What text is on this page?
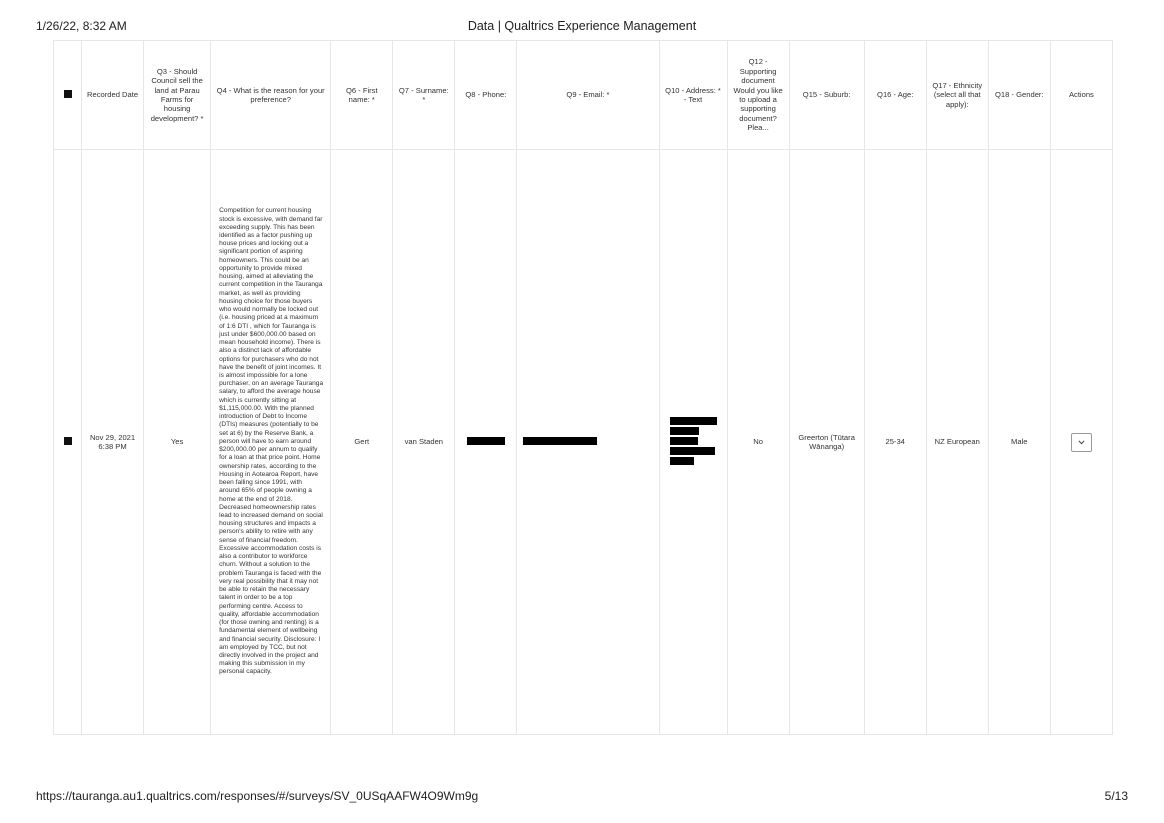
1/26/22, 8:32 AM	Data | Qualtrics Experience Management
	Recorded Date	Q3 - Should Council sell the land at Parau Farms for housing development? *	Q4 - What is the reason for your preference?	Q6 - First name: *	Q7 - Surname: *	Q8 - Phone:	Q9 - Email: *	Q10 - Address: * - Text	Q12 - Supporting document Would you like to upload a supporting document? Plea...	Q15 - Suburb:	Q16 - Age:	Q17 - Ethnicity (select all that apply):	Q18 - Gender:	Actions
	Nov 29, 2021 6:38 PM	Yes	Competition for current housing stock is excessive, with demand far exceeding supply. This has been identified as a factor pushing up house prices and locking out a significant portion of aspiring homeowners. This could be an opportunity to provide mixed housing, aimed at alleviating the current competition in the Tauranga market, as well as providing housing choice for those buyers who would normally be locked out (i.e. housing priced at a maximum of 1:6 DTI , which for Tauranga is just under $600,000.00 based on mean household income). There is also a distinct lack of affordable options for purchasers who do not have the benefit of joint incomes. It is almost impossible for a lone purchaser, on an average Tauranga salary, to afford the average house which is currently sitting at $1,115,000.00. With the planned introduction of Debt to Income (DTIs) measures (potentially to be set at 6) by the Reserve Bank, a person will have to earn around $200,000.00 per annum to qualify for a loan at that price point. Home ownership rates, according to the Housing in Aotearoa Report, have been falling since 1991, with around 65% of people owning a home at the end of 2018. Decreased homeownership rates lead to increased demand on social housing structures and impacts a person's ability to retire with any sense of financial freedom. Excessive accommodation costs is also a contributor to workforce churn. Without a solution to the problem Tauranga is faced with the very real possibility that it may not be able to retain the necessary talent in order to be a top performing centre. Access to quality, affordable accommodation (for those owning and renting) is a fundamental element of wellbeing and financial security. Disclosure: I am employed by TCC, but not directly involved in the project and making this submission in my personal capacity.	Gert	van Staden				No	Greerton (Tūtara Wānanga)	25-34	NZ European	Male	
https://tauranga.au1.qualtrics.com/responses/#/surveys/SV_0USqAAFW4O9Wm9g	5/13
